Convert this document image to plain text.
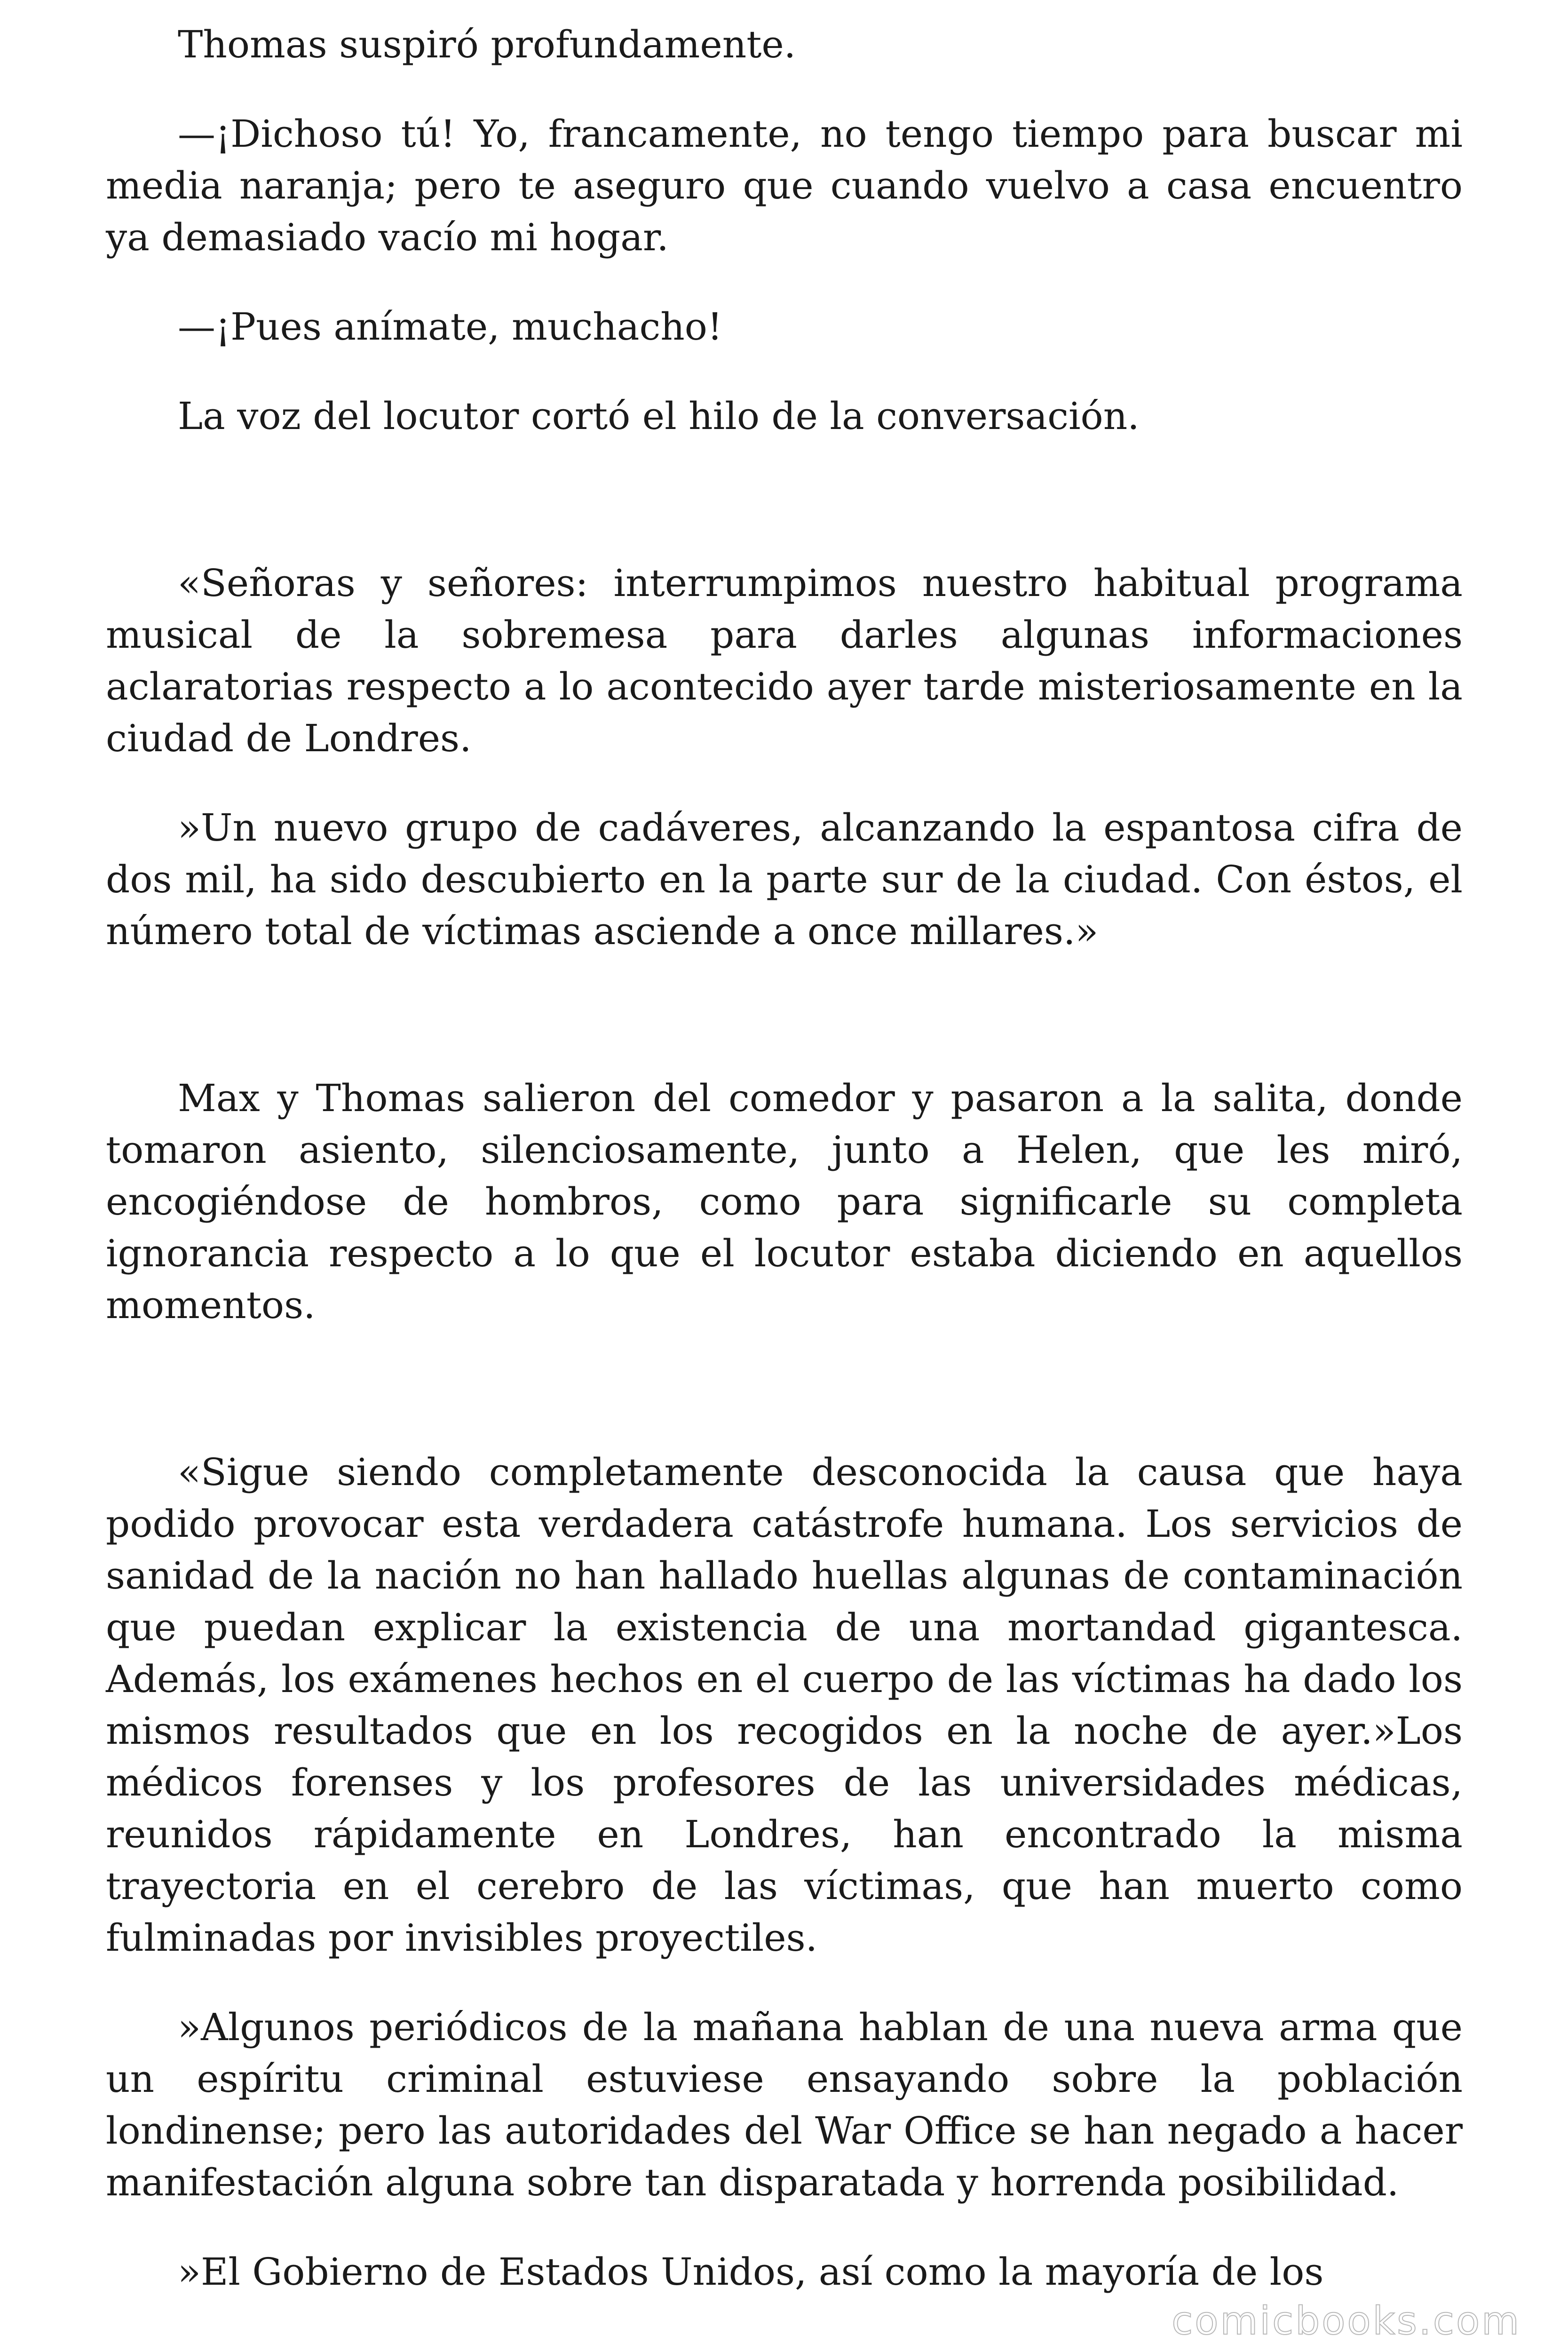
Thomas suspiró profundamente.

—¡Dichoso tú! Yo, francamente, no tengo tiempo para buscar mi media naranja; pero te aseguro que cuando vuelvo a casa encuentro ya demasiado vacío mi hogar.

—¡Pues anímate, muchacho!

La voz del locutor cortó el hilo de la conversación.

«Señoras y señores: interrumpimos nuestro habitual programa musical de la sobremesa para darles algunas informaciones aclaratorias respecto a lo acontecido ayer tarde misteriosamente en la ciudad de Londres.

»Un nuevo grupo de cadáveres, alcanzando la espantosa cifra de dos mil, ha sido descubierto en la parte sur de la ciudad. Con éstos, el número total de víctimas asciende a once millares.»

Max y Thomas salieron del comedor y pasaron a la salita, donde tomaron asiento, silenciosamente, junto a Helen, que les miró, encogiéndose de hombros, como para significarle su completa ignorancia respecto a lo que el locutor estaba diciendo en aquellos momentos.

«Sigue siendo completamente desconocida la causa que haya podido provocar esta verdadera catástrofe humana. Los servicios de sanidad de la nación no han hallado huellas algunas de contaminación que puedan explicar la existencia de una mortandad gigantesca. Además, los exámenes hechos en el cuerpo de las víctimas ha dado los mismos resultados que en los recogidos en la noche de ayer.»Los médicos forenses y los profesores de las universidades médicas, reunidos rápidamente en Londres, han encontrado la misma trayectoria en el cerebro de las víctimas, que han muerto como fulminadas por invisibles proyectiles.

»Algunos periódicos de la mañana hablan de una nueva arma que un espíritu criminal estuviese ensayando sobre la población londinense; pero las autoridades del War Office se han negado a hacer manifestación alguna sobre tan disparatada y horrenda posibilidad.

»El Gobierno de Estados Unidos, así como la mayoría de los

comicbooks.com
